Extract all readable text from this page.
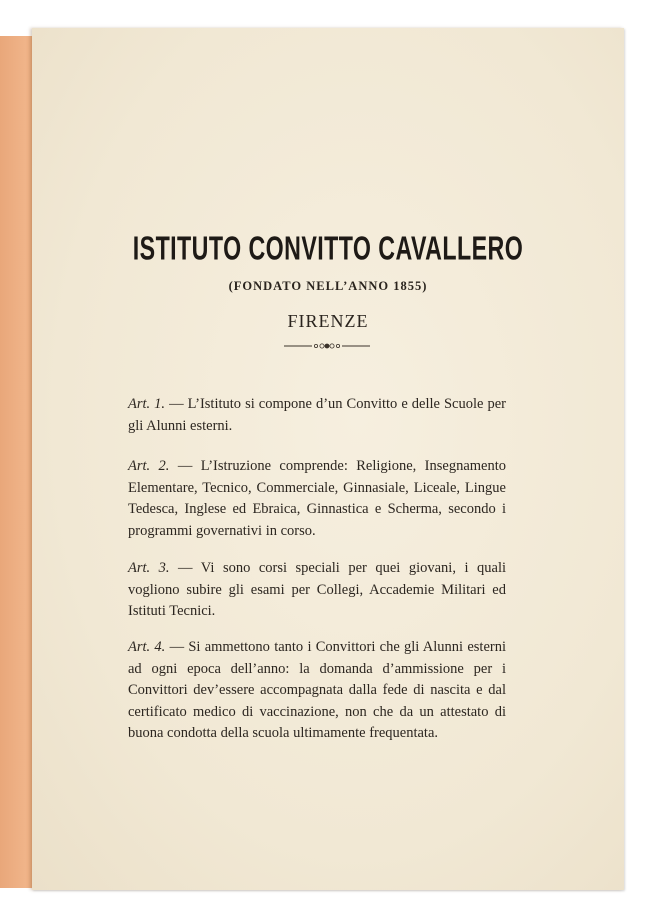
ISTITUTO CONVITTO CAVALLERO
(FONDATO NELL’ANNO 1855)
FIRENZE
Art. 1. — L’Istituto si compone d’un Convitto e delle Scuole per gli Alunni esterni.
Art. 2. — L’Istruzione comprende: Religione, Insegnamento Elementare, Tecnico, Commerciale, Ginnasiale, Liceale, Lingue Tedesca, Inglese ed Ebraica, Ginnastica e Scherma, secondo i programmi governativi in corso.
Art. 3. — Vi sono corsi speciali per quei giovani, i quali vogliono subire gli esami per Collegi, Accademie Militari ed Istituti Tecnici.
Art. 4. — Si ammettono tanto i Convittori che gli Alunni esterni ad ogni epoca dell’anno: la domanda d’ammissione per i Convittori dev’essere accompagnata dalla fede di nascita e dal certificato medico di vaccinazione, non che da un attestato di buona condotta della scuola ultimamente frequentata.
